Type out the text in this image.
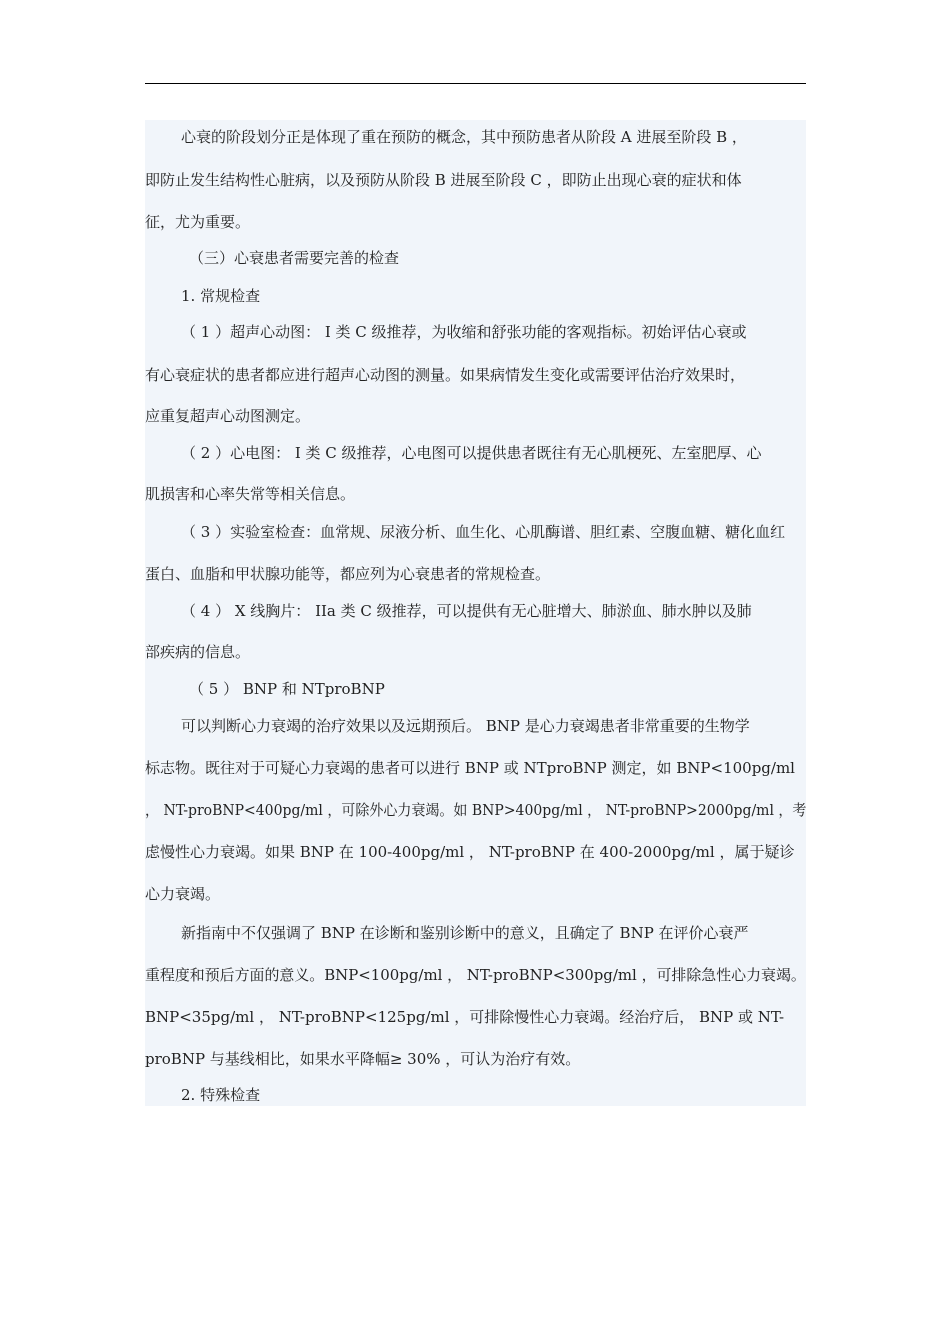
心衰的阶段划分正是体现了重在预防的概念，其中预防患者从阶段 A 进展至阶段 B ，
即防止发生结构性心脏病，以及预防从阶段 B 进展至阶段 C ，即防止出现心衰的症状和体
征，尤为重要。
（三）心衰患者需要完善的检查
1. 常规检查
（ 1 ）超声心动图： I 类 C 级推荐，为收缩和舒张功能的客观指标。初始评估心衰或
有心衰症状的患者都应进行超声心动图的测量。如果病情发生变化或需要评估治疗效果时，
应重复超声心动图测定。
（ 2 ）心电图： I 类 C 级推荐，心电图可以提供患者既往有无心肌梗死、左室肥厚、心
肌损害和心率失常等相关信息。
（ 3 ）实验室检查：血常规、尿液分析、血生化、心肌酶谱、胆红素、空腹血糖、糖化血红
蛋白、血脂和甲状腺功能等，都应列为心衰患者的常规检查。
（ 4 ） X 线胸片： IIa 类 C 级推荐，可以提供有无心脏增大、肺淤血、肺水肿以及肺
部疾病的信息。
（ 5 ） BNP 和 NTproBNP
可以判断心力衰竭的治疗效果以及远期预后。 BNP 是心力衰竭患者非常重要的生物学
标志物。既往对于可疑心力衰竭的患者可以进行 BNP 或 NTproBNP 测定，如 BNP<100pg/ml
， NT-proBNP<400pg/ml ，可除外心力衰竭。如 BNP>400pg/ml ， NT-proBNP>2000pg/ml ，考
虑慢性心力衰竭。如果 BNP 在 100-400pg/ml ， NT-proBNP 在 400-2000pg/ml ，属于疑诊
心力衰竭。
新指南中不仅强调了 BNP 在诊断和鉴别诊断中的意义，且确定了 BNP 在评价心衰严
重程度和预后方面的意义。BNP<100pg/ml ， NT-proBNP<300pg/ml ，可排除急性心力衰竭。
BNP<35pg/ml ， NT-proBNP<125pg/ml ，可排除慢性心力衰竭。经治疗后， BNP 或 NT-
proBNP 与基线相比，如果水平降幅≥ 30% ，可认为治疗有效。
2. 特殊检查
